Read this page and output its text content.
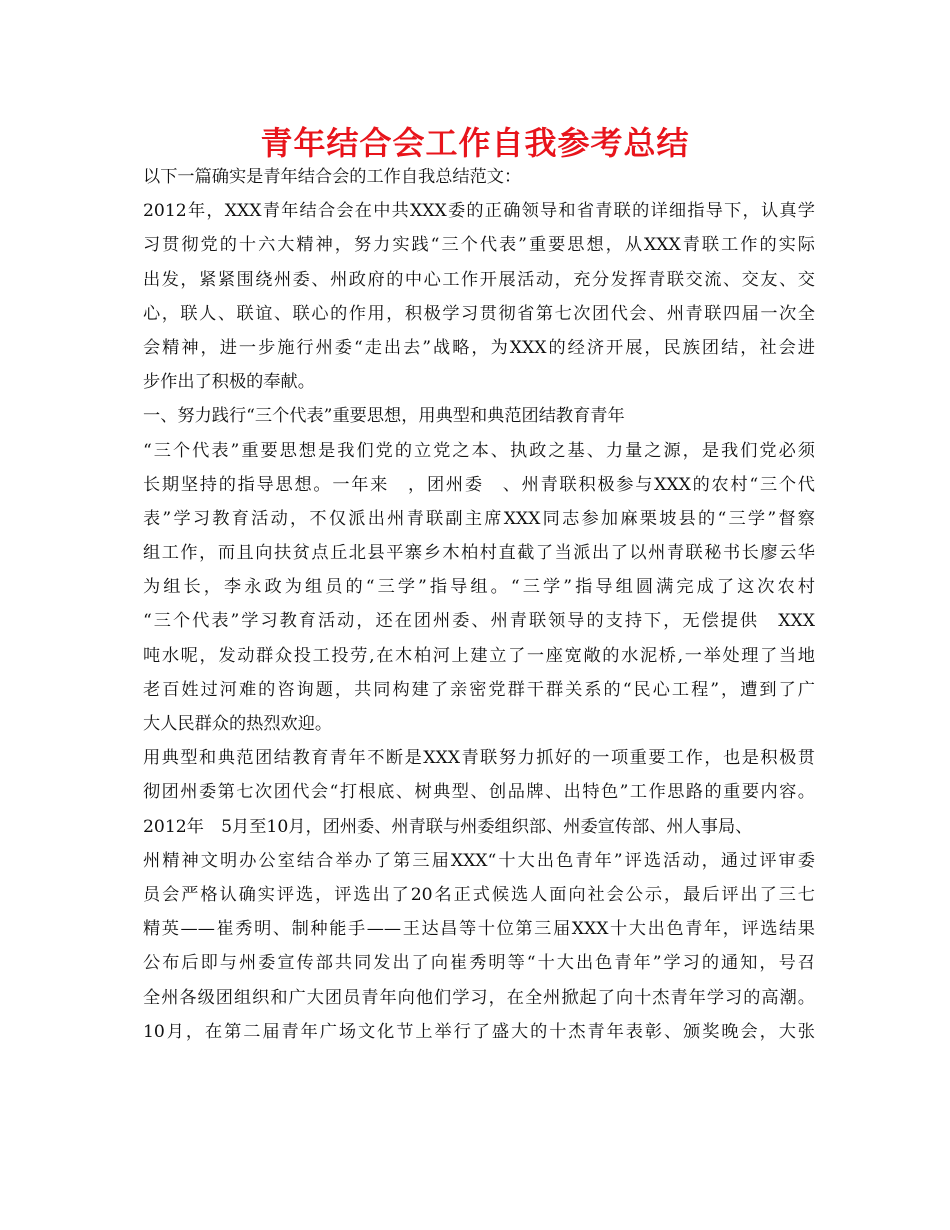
青年结合会工作自我参考总结
以下一篇确实是青年结合会的工作自我总结范文：
2012年，XXX青年结合会在中共XXX委的正确领导和省青联的详细指导下，认真学
习贯彻党的十六大精神，努力实践“三个代表”重要思想，从XXX青联工作的实际
出发，紧紧围绕州委、州政府的中心工作开展活动，充分发挥青联交流、交友、交
心，联人、联谊、联心的作用，积极学习贯彻省第七次团代会、州青联四届一次全
会精神，进一步施行州委“走出去”战略，为XXX的经济开展，民族团结，社会进
步作出了积极的奉献。
一、努力践行“三个代表”重要思想，用典型和典范团结教育青年
“三个代表”重要思想是我们党的立党之本、执政之基、力量之源，是我们党必须
长期坚持的指导思想。一年来　，团州委　、州青联积极参与XXX的农村“三个代
表”学习教育活动，不仅派出州青联副主席XXX同志参加麻栗坡县的“三学”督察
组工作，而且向扶贫点丘北县平寨乡木柏村直截了当派出了以州青联秘书长廖云华
为组长，李永政为组员的“三学”指导组。“三学”指导组圆满完成了这次农村
“三个代表”学习教育活动，还在团州委、州青联领导的支持下，无偿提供　XXX
吨水呢，发动群众投工投劳,在木柏河上建立了一座宽敞的水泥桥,一举处理了当地
老百姓过河难的咨询题，共同构建了亲密党群干群关系的“民心工程”，遭到了广
大人民群众的热烈欢迎。
用典型和典范团结教育青年不断是XXX青联努力抓好的一项重要工作，也是积极贯
彻团州委第七次团代会“打根底、树典型、创品牌、出特色”工作思路的重要内容。
2012年　5月至10月，团州委、州青联与州委组织部、州委宣传部、州人事局、
州精神文明办公室结合举办了第三届XXX“十大出色青年”评选活动，通过评审委
员会严格认确实评选，评选出了20名正式候选人面向社会公示，最后评出了三七
精英——崔秀明、制种能手——王达昌等十位第三届XXX十大出色青年，评选结果
公布后即与州委宣传部共同发出了向崔秀明等“十大出色青年”学习的通知，号召
全州各级团组织和广大团员青年向他们学习，在全州掀起了向十杰青年学习的高潮。
10月，在第二届青年广场文化节上举行了盛大的十杰青年表彰、颁奖晚会，大张
